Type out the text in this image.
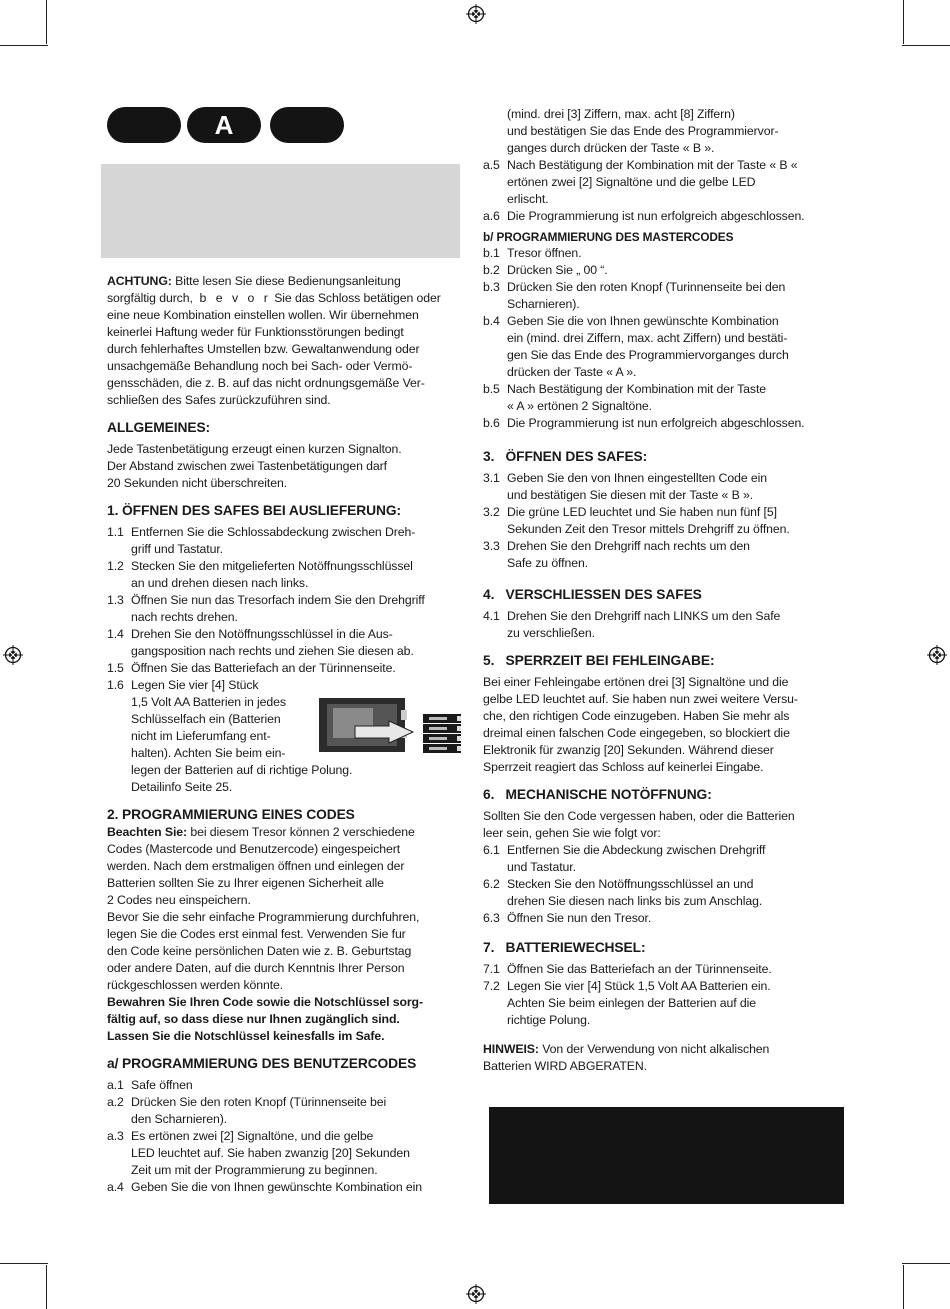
A

ACHTUNG: Bitte lesen Sie diese Bedienungsanleitung
sorgfältig durch, b e v o r Sie das Schloss betätigen oder
eine neue Kombination einstellen wollen. Wir übernehmen
keinerlei Haftung weder für Funktionsstörungen bedingt
durch fehlerhaftes Umstellen bzw. Gewaltanwendung oder
unsachgemäße Behandlung noch bei Sach- oder Vermö-
gensschäden, die z. B. auf das nicht ordnungsgemäße Ver-
schließen des Safes zurückzuführen sind.

ALLGEMEINES:

Jede Tastenbetätigung erzeugt einen kurzen Signalton.
Der Abstand zwischen zwei Tastenbetätigungen darf
20 Sekunden nicht überschreiten.

1. ÖFFNEN DES SAFES BEI AUSLIEFERUNG:

1.1 Entfernen Sie die Schlossabdeckung zwischen Dreh-
griff und Tastatur.

1.2 Stecken Sie den mitgelieferten Notöffnungsschlüssel
an und drehen diesen nach links.

1.3 Öffnen Sie nun das Tresorfach indem Sie den Drehgriff
nach rechts drehen.

1.4 Drehen Sie den Notöffnungsschlüssel in die Aus-
gangsposition nach rechts und ziehen Sie diesen ab.

1.5 Öffnen Sie das Batteriefach an der Türinnenseite.

1.6 Legen Sie vier [4] Stück
1,5 Volt AA Batterien in jedes
Schlüsselfach ein (Batterien
nicht im Lieferumfang ent-
halten). Achten Sie beim ein-
legen der Batterien auf di richtige Polung.
Detailinfo Seite 25.

2. PROGRAMMIERUNG EINES CODES

Beachten Sie: bei diesem Tresor können 2 verschiedene
Codes (Mastercode und Benutzercode) eingespeichert
werden. Nach dem erstmaligen öffnen und einlegen der
Batterien sollten Sie zu Ihrer eigenen Sicherheit alle
2 Codes neu einspeichern.
Bevor Sie die sehr einfache Programmierung durchfuhren,
legen Sie die Codes erst einmal fest. Verwenden Sie fur
den Code keine persönlichen Daten wie z. B. Geburtstag
oder andere Daten, auf die durch Kenntnis Ihrer Person
rückgeschlossen werden könnte.
Bewahren Sie Ihren Code sowie die Notschlüssel sorg-
fältig auf, so dass diese nur Ihnen zugänglich sind.
Lassen Sie die Notschlüssel keinesfalls im Safe.

a/ PROGRAMMIERUNG DES BENUTZERCODES

a.1 Safe öffnen

a.2 Drücken Sie den roten Knopf (Türinnenseite bei
den Scharnieren).

a.3 Es ertönen zwei [2] Signaltöne, und die gelbe
LED leuchtet auf. Sie haben zwanzig [20] Sekunden
Zeit um mit der Programmierung zu beginnen.

a.4 Geben Sie die von Ihnen gewünschte Kombination ein

(mind. drei [3] Ziffern, max. acht [8] Ziffern)
und bestätigen Sie das Ende des Programmiervor-
ganges durch drücken der Taste « B ».

a.5 Nach Bestätigung der Kombination mit der Taste « B «
ertönen zwei [2] Signaltöne und die gelbe LED
erlischt.

a.6 Die Programmierung ist nun erfolgreich abgeschlossen.

b/ PROGRAMMIERUNG DES MASTERCODES

b.1 Tresor öffnen.

b.2 Drücken Sie „ 00 “.

b.3 Drücken Sie den roten Knopf (Turinnenseite bei den
Scharnieren).

b.4 Geben Sie die von Ihnen gewünschte Kombination
ein (mind. drei Ziffern, max. acht Ziffern) und bestäti-
gen Sie das Ende des Programmiervorganges durch
drücken der Taste « A ».

b.5 Nach Bestätigung der Kombination mit der Taste
« A » ertönen 2 Signaltöne.

b.6 Die Programmierung ist nun erfolgreich abgeschlossen.

3.   ÖFFNEN DES SAFES:

3.1 Geben Sie den von Ihnen eingestellten Code ein
und bestätigen Sie diesen mit der Taste « B ».

3.2 Die grüne LED leuchtet und Sie haben nun fünf [5]
Sekunden Zeit den Tresor mittels Drehgriff zu öffnen.

3.3 Drehen Sie den Drehgriff nach rechts um den
Safe zu öffnen.

4.   VERSCHLIESSEN DES SAFES

4.1 Drehen Sie den Drehgriff nach LINKS um den Safe
zu verschließen.

5.   SPERRZEIT BEI FEHLEINGABE:

Bei einer Fehleingabe ertönen drei [3] Signaltöne und die
gelbe LED leuchtet auf. Sie haben nun zwei weitere Versu-
che, den richtigen Code einzugeben. Haben Sie mehr als
dreimal einen falschen Code eingegeben, so blockiert die
Elektronik für zwanzig [20] Sekunden. Während dieser
Sperrzeit reagiert das Schloss auf keinerlei Eingabe.

6.   MECHANISCHE NOTÖFFNUNG:

Sollten Sie den Code vergessen haben, oder die Batterien
leer sein, gehen Sie wie folgt vor:

6.1 Entfernen Sie die Abdeckung zwischen Drehgriff
und Tastatur.

6.2 Stecken Sie den Notöffnungsschlüssel an und
drehen Sie diesen nach links bis zum Anschlag.

6.3 Öffnen Sie nun den Tresor.

7.   BATTERIEWECHSEL:

7.1 Öffnen Sie das Batteriefach an der Türinnenseite.

7.2 Legen Sie vier [4] Stück 1,5 Volt AA Batterien ein.
Achten Sie beim einlegen der Batterien auf die
richtige Polung.

HINWEIS: Von der Verwendung von nicht alkalischen
Batterien WIRD ABGERATEN.
